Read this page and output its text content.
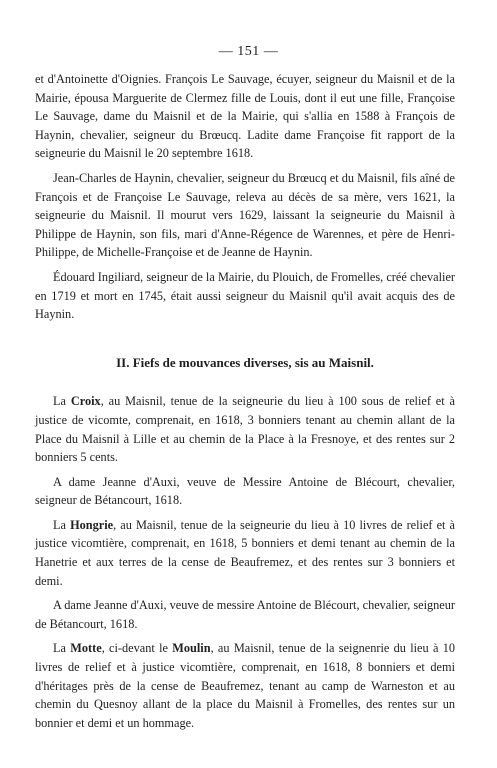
— 151 —

et d'Antoinette d'Oignies. François Le Sauvage, écuyer, seigneur du Maisnil et de la Mairie, épousa Marguerite de Clermez fille de Louis, dont il eut une fille, Françoise Le Sauvage, dame du Maisnil et de la Mairie, qui s'allia en 1588 à François de Haynin, chevalier, seigneur du Brœucq. Ladite dame Françoise fit rapport de la seigneurie du Maisnil le 20 septembre 1618.

Jean-Charles de Haynin, chevalier, seigneur du Brœucq et du Maisnil, fils aîné de François et de Françoise Le Sauvage, releva au décès de sa mère, vers 1621, la seigneurie du Maisnil. Il mourut vers 1629, laissant la seigneurie du Maisnil à Philippe de Haynin, son fils, mari d'Anne-Régence de Warennes, et père de Henri-Philippe, de Michelle-Françoise et de Jeanne de Haynin.

Édouard Ingiliard, seigneur de la Mairie, du Plouich, de Fromelles, créé chevalier en 1719 et mort en 1745, était aussi seigneur du Maisnil qu'il avait acquis des de Haynin.

II. Fiefs de mouvances diverses, sis au Maisnil.

La Croix, au Maisnil, tenue de la seigneurie du lieu à 100 sous de relief et à justice de vicomte, comprenait, en 1618, 3 bonniers tenant au chemin allant de la Place du Maisnil à Lille et au chemin de la Place à la Fresnoye, et des rentes sur 2 bonniers 5 cents.

A dame Jeanne d'Auxi, veuve de Messire Antoine de Blécourt, chevalier, seigneur de Bétancourt, 1618.

La Hongrie, au Maisnil, tenue de la seigneurie du lieu à 10 livres de relief et à justice vicomtière, comprenait, en 1618, 5 bonniers et demi tenant au chemin de la Hanetrie et aux terres de la cense de Beaufremez, et des rentes sur 3 bonniers et demi.

A dame Jeanne d'Auxi, veuve de messire Antoine de Blécourt, chevalier, seigneur de Bétancourt, 1618.

La Motte, ci-devant le Moulin, au Maisnil, tenue de la seignenrie du lieu à 10 livres de relief et à justice vicomtière, comprenait, en 1618, 8 bonniers et demi d'héritages près de la cense de Beaufremez, tenant au camp de Warneston et au chemin du Quesnoy allant de la place du Maisnil à Fromelles, des rentes sur un bonnier et demi et un hommage.
